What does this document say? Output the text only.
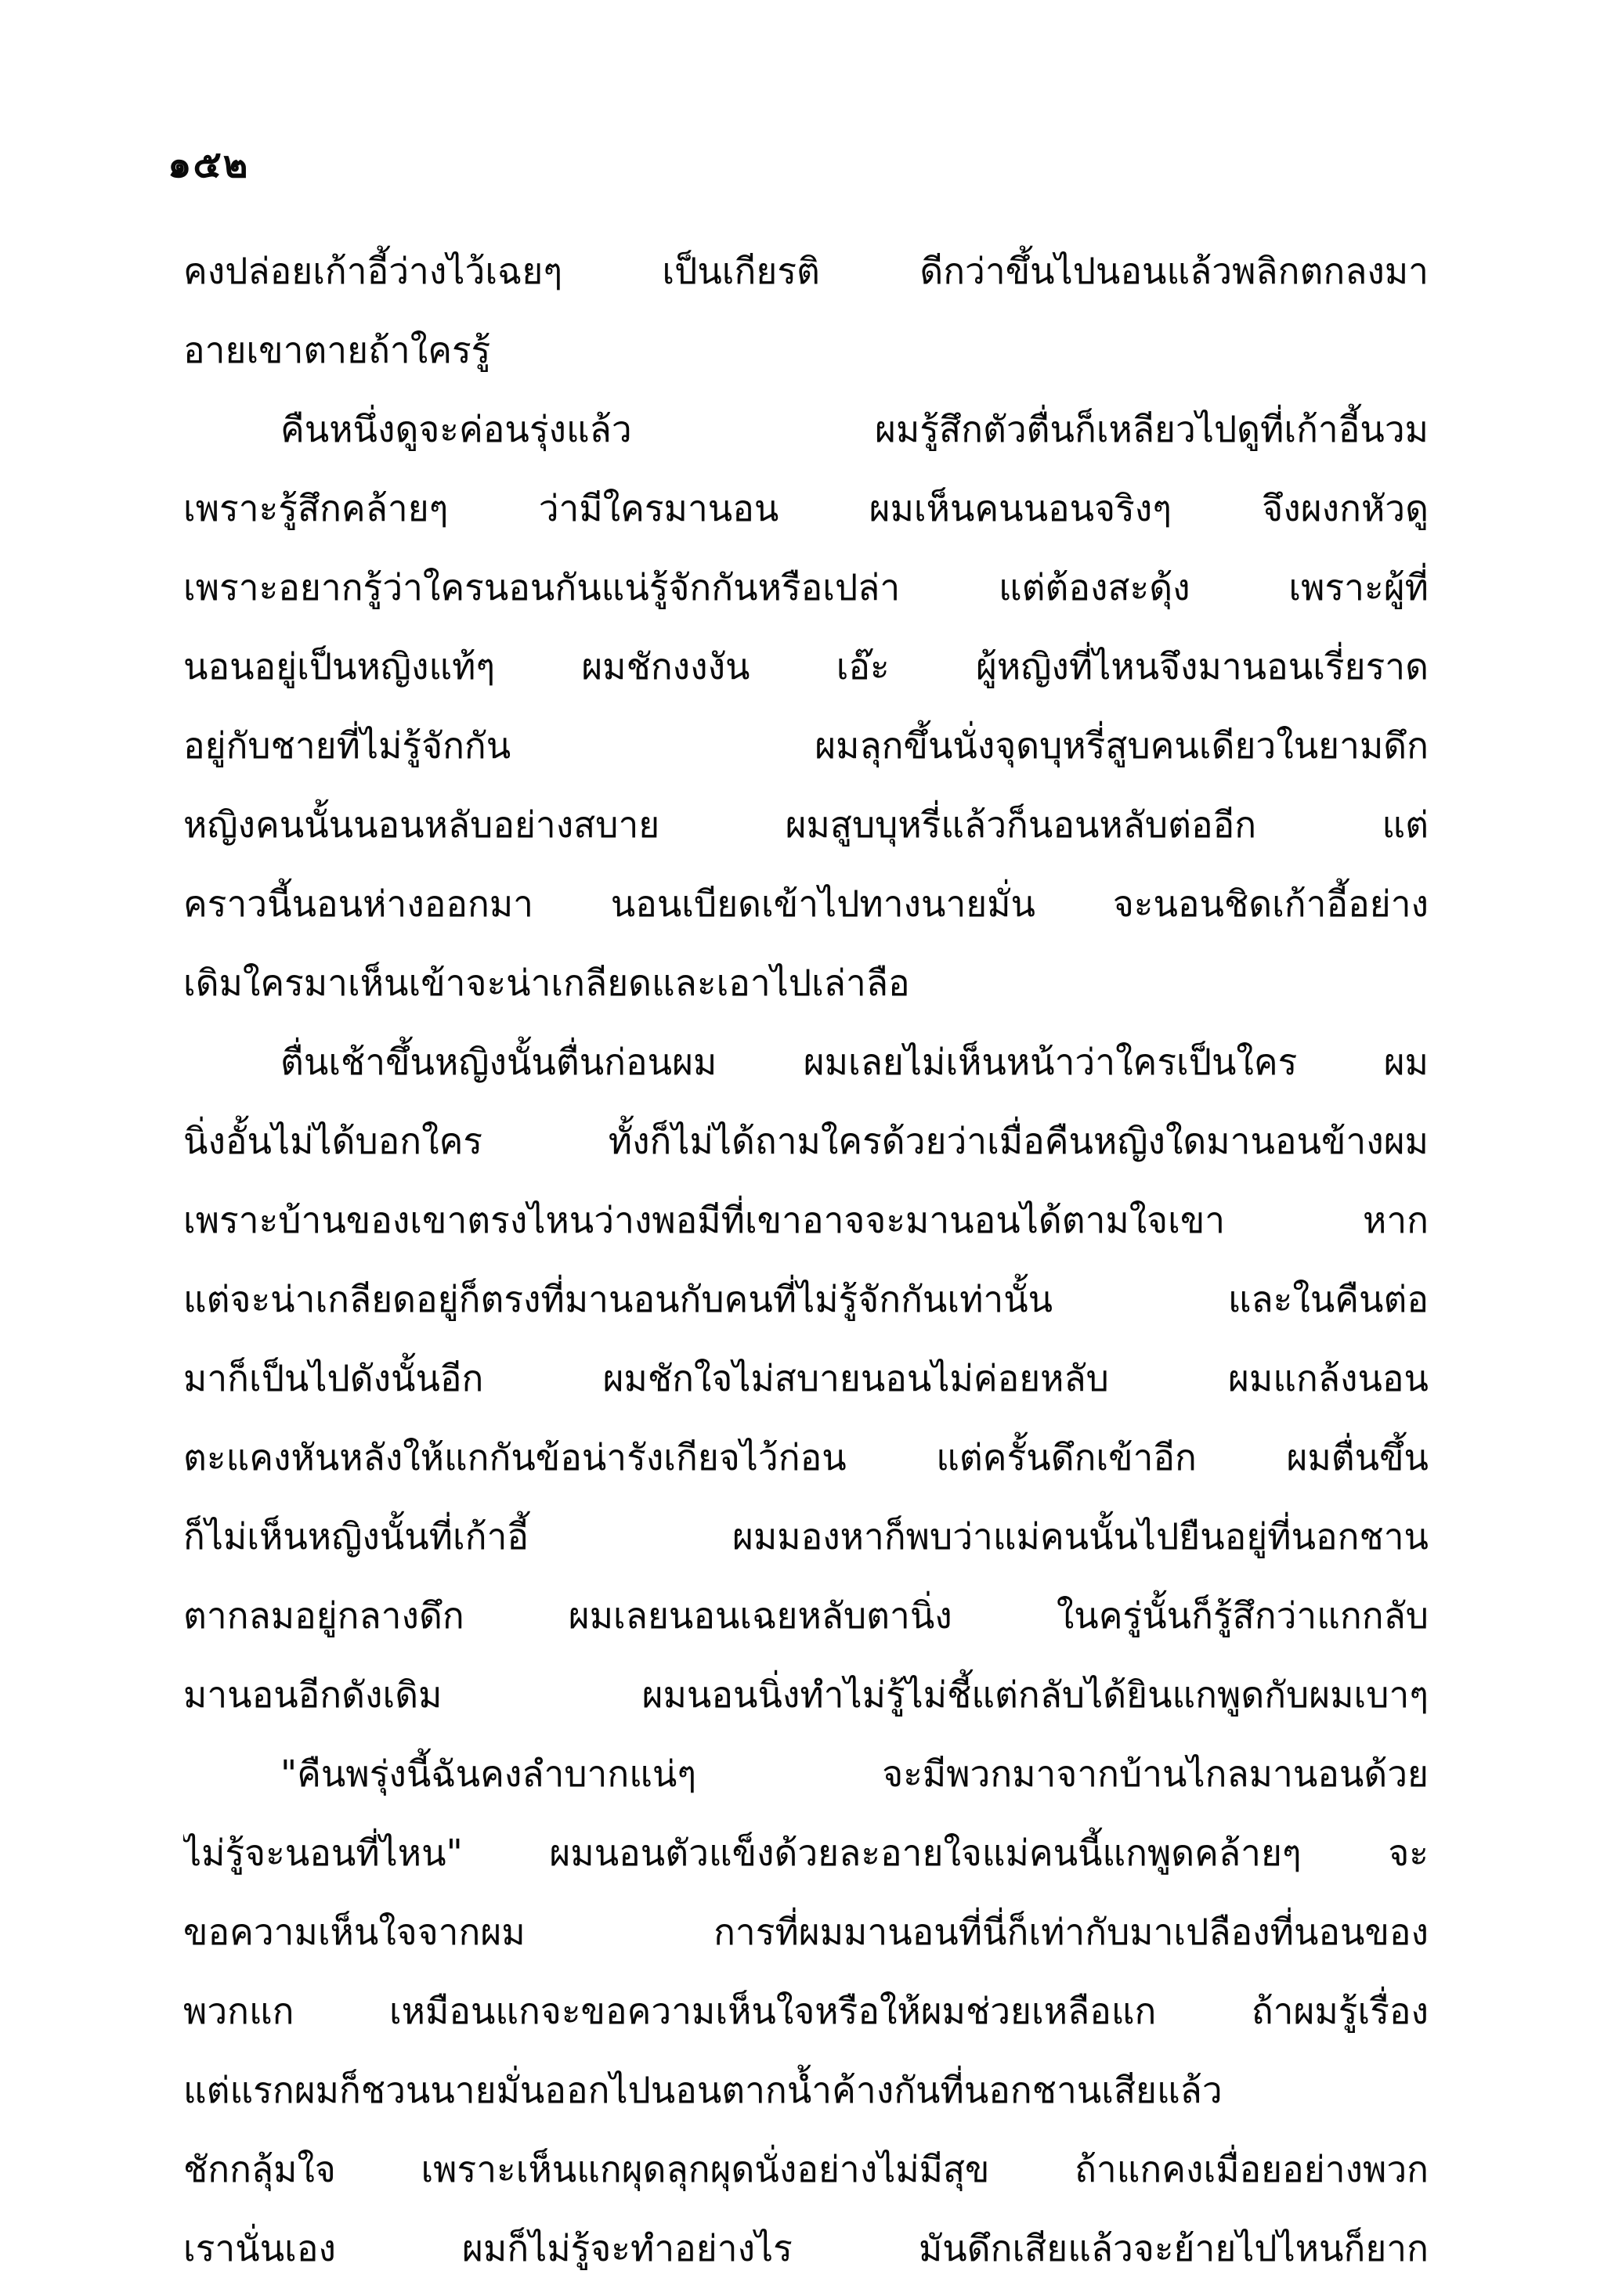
๑๕๒
คงปล่อยเก้าอี้ว่างไว้เฉยๆ เป็นเกียรติ ดีกว่าขึ้นไปนอนแล้วพลิกตกลงมา
อายเขาตายถ้าใครรู้
คืนหนึ่งดูจะค่อนรุ่งแล้ว ผมรู้สึกตัวตื่นก็เหลียวไปดูที่เก้าอี้นวม
เพราะรู้สึกคล้ายๆ ว่ามีใครมานอน ผมเห็นคนนอนจริงๆ จึงผงกหัวดู
เพราะอยากรู้ว่าใครนอนกันแน่รู้จักกันหรือเปล่า แต่ต้องสะดุ้ง เพราะผู้ที่
นอนอยู่เป็นหญิงแท้ๆ ผมชักงงงัน เอ๊ะ ผู้หญิงที่ไหนจึงมานอนเรี่ยราด
อยู่กับชายที่ไม่รู้จักกัน ผมลุกขึ้นนั่งจุดบุหรี่สูบคนเดียวในยามดึก
หญิงคนนั้นนอนหลับอย่างสบาย ผมสูบบุหรี่แล้วก็นอนหลับต่ออีก แต่
คราวนี้นอนห่างออกมา นอนเบียดเข้าไปทางนายมั่น จะนอนชิดเก้าอี้อย่าง
เดิมใครมาเห็นเข้าจะน่าเกลียดและเอาไปเล่าลือ
ตื่นเช้าขึ้นหญิงนั้นตื่นก่อนผม ผมเลยไม่เห็นหน้าว่าใครเป็นใคร ผม
นิ่งอั้นไม่ได้บอกใคร ทั้งก็ไม่ได้ถามใครด้วยว่าเมื่อคืนหญิงใดมานอนข้างผม
เพราะบ้านของเขาตรงไหนว่างพอมีที่เขาอาจจะมานอนได้ตามใจเขา หาก
แต่จะน่าเกลียดอยู่ก็ตรงที่มานอนกับคนที่ไม่รู้จักกันเท่านั้น และในคืนต่อ
มาก็เป็นไปดังนั้นอีก ผมชักใจไม่สบายนอนไม่ค่อยหลับ ผมแกล้งนอน
ตะแคงหันหลังให้แกกันข้อน่ารังเกียจไว้ก่อน แต่ครั้นดึกเข้าอีก ผมตื่นขึ้น
ก็ไม่เห็นหญิงนั้นที่เก้าอี้ ผมมองหาก็พบว่าแม่คนนั้นไปยืนอยู่ที่นอกชาน
ตากลมอยู่กลางดึก ผมเลยนอนเฉยหลับตานิ่ง ในครู่นั้นก็รู้สึกว่าแกกลับ
มานอนอีกดังเดิม ผมนอนนิ่งทำไม่รู้ไม่ชี้แต่กลับได้ยินแกพูดกับผมเบาๆ
"คืนพรุ่งนี้ฉันคงลำบากแน่ๆ จะมีพวกมาจากบ้านไกลมานอนด้วย
ไม่รู้จะนอนที่ไหน" ผมนอนตัวแข็งด้วยละอายใจแม่คนนี้แกพูดคล้ายๆ จะ
ขอความเห็นใจจากผม การที่ผมมานอนที่นี่ก็เท่ากับมาเปลืองที่นอนของ
พวกแก เหมือนแกจะขอความเห็นใจหรือให้ผมช่วยเหลือแก ถ้าผมรู้เรื่อง
แต่แรกผมก็ชวนนายมั่นออกไปนอนตากน้ำค้างกันที่นอกชานเสียแล้ว
ชักกลุ้มใจ เพราะเห็นแกผุดลุกผุดนั่งอย่างไม่มีสุข ถ้าแกคงเมื่อยอย่างพวก
เรานั่นเอง ผมก็ไม่รู้จะทำอย่างไร มันดึกเสียแล้วจะย้ายไปไหนก็ยาก
